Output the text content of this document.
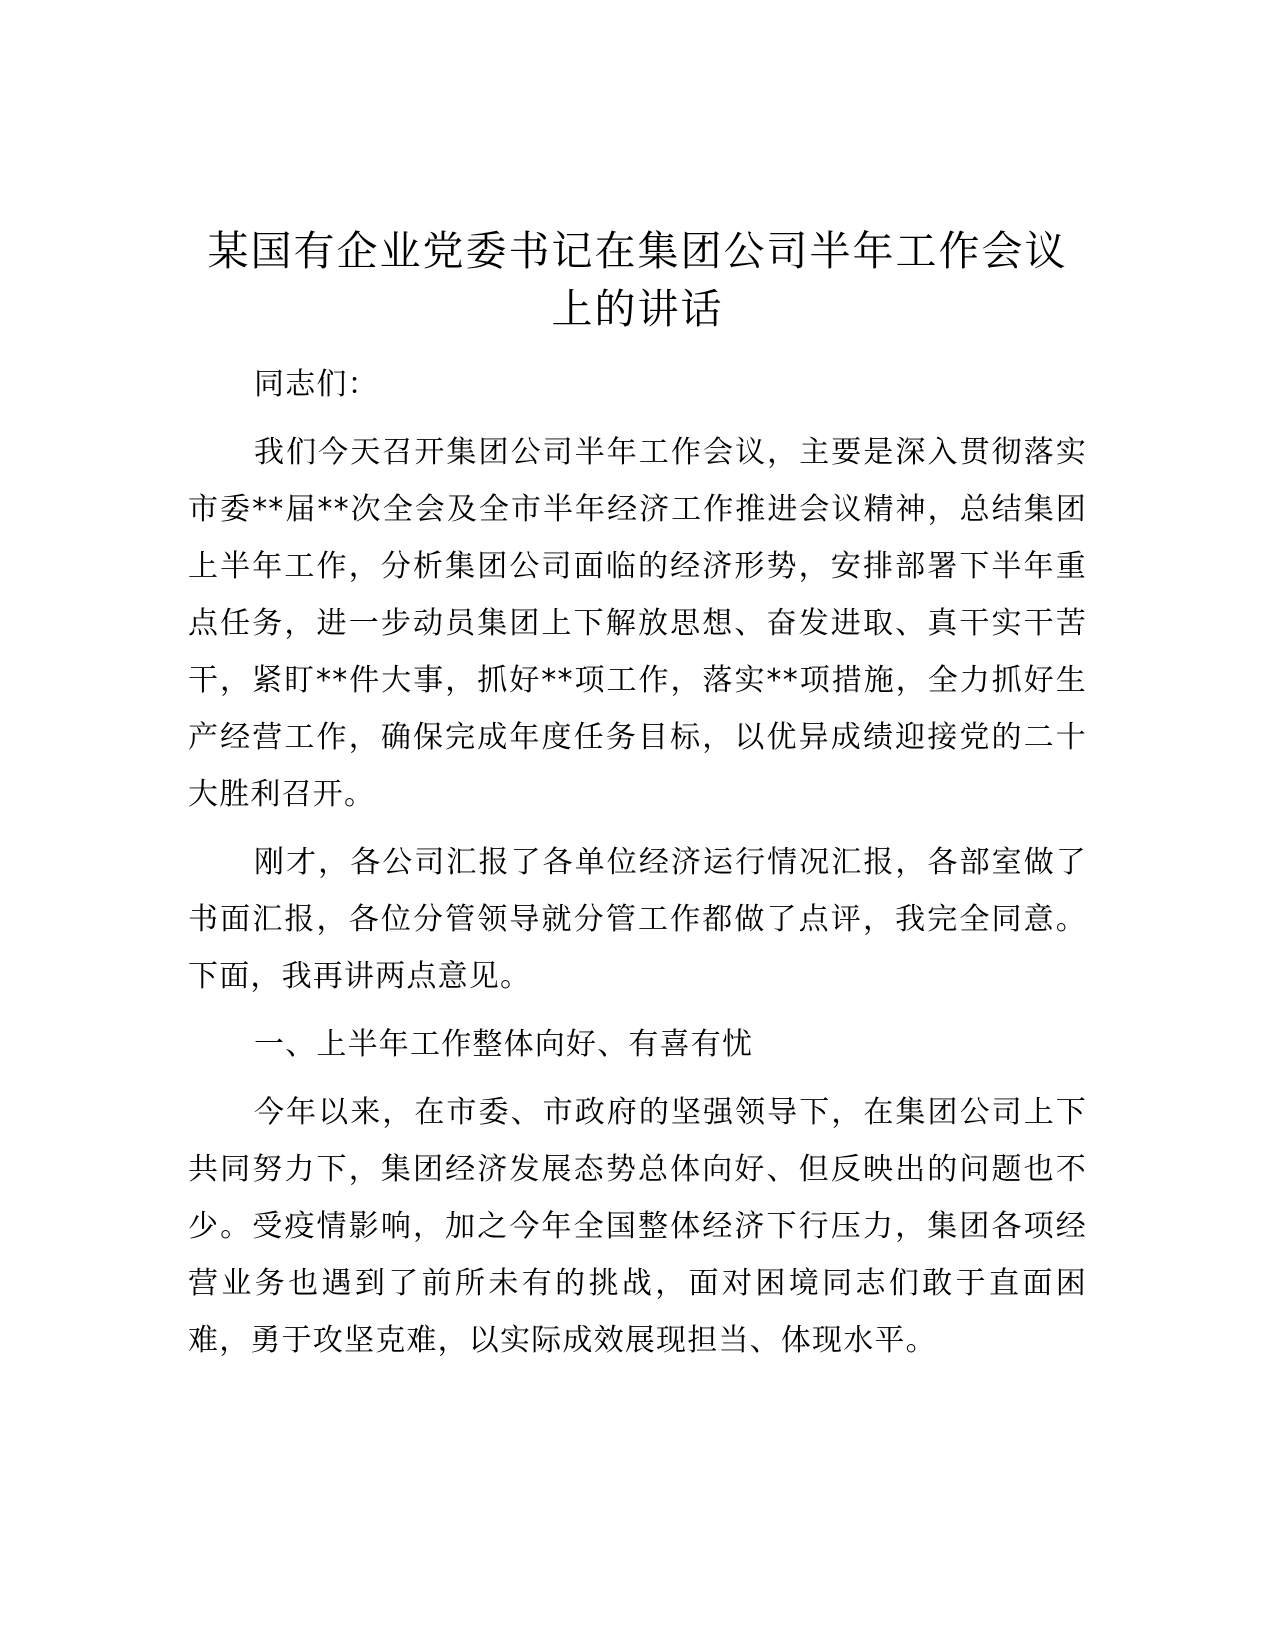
某国有企业党委书记在集团公司半年工作会议上的讲话

同志们：

我们今天召开集团公司半年工作会议，主要是深入贯彻落实市委**届**次全会及全市半年经济工作推进会议精神，总结集团上半年工作，分析集团公司面临的经济形势，安排部署下半年重点任务，进一步动员集团上下解放思想、奋发进取、真干实干苦干，紧盯**件大事，抓好**项工作，落实**项措施，全力抓好生产经营工作，确保完成年度任务目标，以优异成绩迎接党的二十大胜利召开。

刚才，各公司汇报了各单位经济运行情况汇报，各部室做了书面汇报，各位分管领导就分管工作都做了点评，我完全同意。下面，我再讲两点意见。

一、上半年工作整体向好、有喜有忧

今年以来，在市委、市政府的坚强领导下，在集团公司上下共同努力下，集团经济发展态势总体向好、但反映出的问题也不少。受疫情影响，加之今年全国整体经济下行压力，集团各项经营业务也遇到了前所未有的挑战，面对困境同志们敢于直面困难，勇于攻坚克难，以实际成效展现担当、体现水平。
